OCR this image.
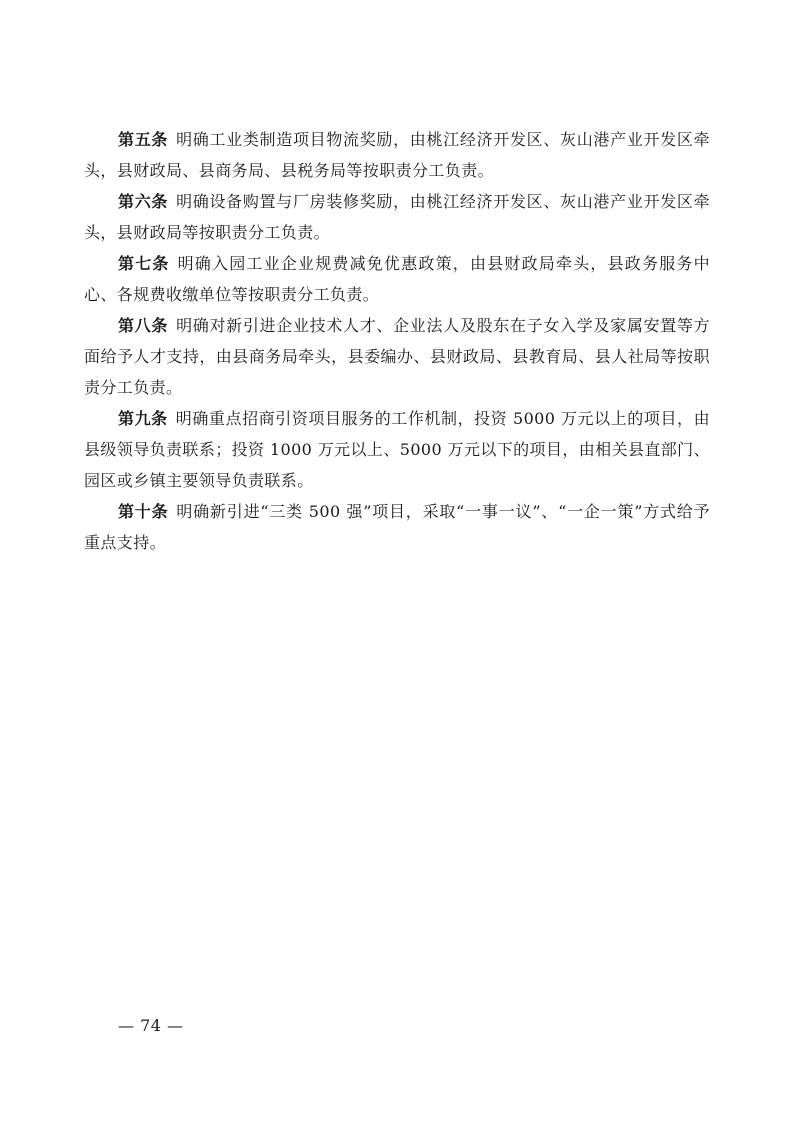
第五条 明确工业类制造项目物流奖励，由桃江经济开发区、灰山港产业开发区牵头，县财政局、县商务局、县税务局等按职责分工负责。

第六条 明确设备购置与厂房装修奖励，由桃江经济开发区、灰山港产业开发区牵头，县财政局等按职责分工负责。

第七条 明确入园工业企业规费减免优惠政策，由县财政局牵头，县政务服务中心、各规费收缴单位等按职责分工负责。

第八条 明确对新引进企业技术人才、企业法人及股东在子女入学及家属安置等方面给予人才支持，由县商务局牵头，县委编办、县财政局、县教育局、县人社局等按职责分工负责。

第九条 明确重点招商引资项目服务的工作机制，投资 5000 万元以上的项目，由县级领导负责联系；投资 1000 万元以上、5000 万元以下的项目，由相关县直部门、园区或乡镇主要领导负责联系。

第十条 明确新引进“三类 500 强”项目，采取“一事一议”、“一企一策”方式给予重点支持。

— 74 —
